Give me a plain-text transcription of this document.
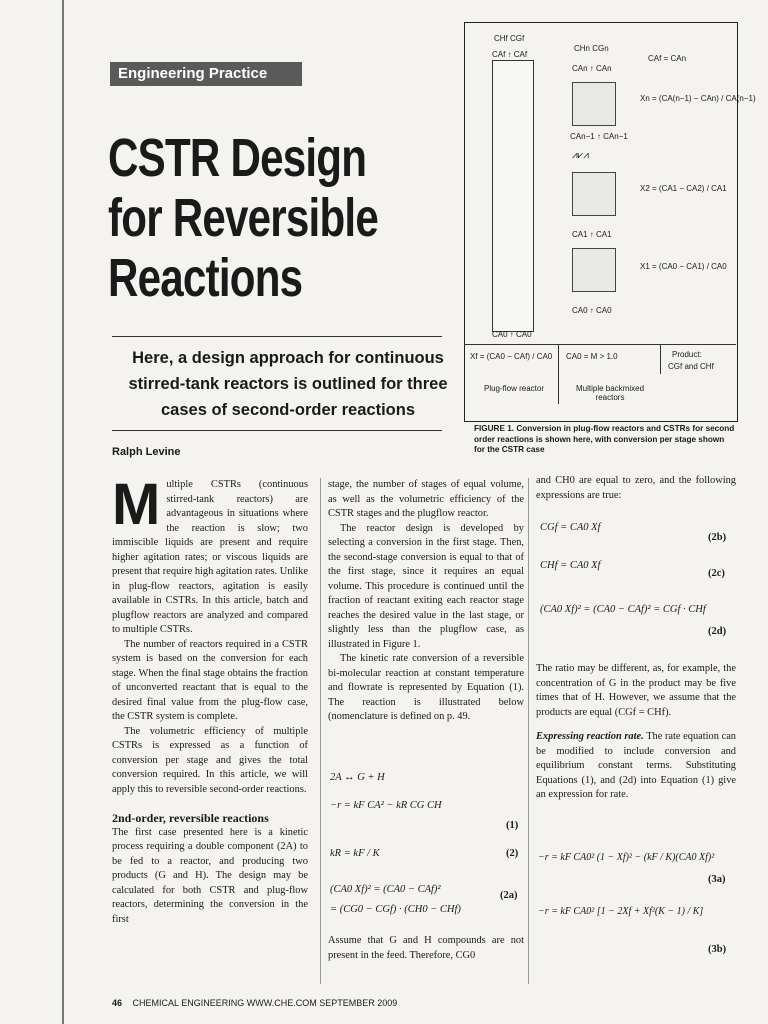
Engineering Practice
CSTR Design
for Reversible
Reactions
Here, a design approach for continuous stirred-tank reactors is outlined for three cases of second-order reactions
Ralph Levine
CHf CGf
CAf ↑ CAf
CHn CGn
CAn ↑ CAn
CAf = CAn
Xn = (CA(n−1) − CAn) / CA(n−1)
CAn−1 ↑ CAn−1
⩘⩗⩘
X2 = (CA1 − CA2) / CA1
CA1 ↑ CA1
X1 = (CA0 − CA1) / CA0
CA0 ↑ CA0
CA0 ↑ CA0
Xf = (CA0 − CAf) / CA0 CA0 = M > 1.0	Product:
CGf and CHf
Plug-flow reactor	Multiple backmixed reactors
FIGURE 1. Conversion in plug-flow reactors and CSTRs for second order reactions is shown here, with conversion per stage shown for the CSTR case
M ultiple CSTRs (continuous stirred-tank reactors) are advantageous in situations where the reaction is slow; two immiscible liquids are present and require higher agitation rates; or viscous liquids are present that require high agitation rates. Unlike in plug-flow reactors, agitation is easily available in CSTRs. In this article, batch and plugflow reactors are analyzed and compared to multiple CSTRs.

The number of reactors required in a CSTR system is based on the conversion for each stage. When the final stage obtains the fraction of unconverted reactant that is equal to the desired final value from the plug-flow case, the CSTR system is complete.

The volumetric efficiency of multiple CSTRs is expressed as a function of conversion per stage and gives the total conversion required. In this article, we will apply this to reversible second-order reactions.

2nd-order, reversible reactions

The first case presented here is a kinetic process requiring a double component (2A) to be fed to a reactor, and producing two products (G and H). The design may be calculated for both CSTR and plug-flow reactors, determining the conversion in the first

stage, the number of stages of equal volume, as well as the volumetric efficiency of the CSTR stages and the plugflow reactor.

The reactor design is developed by selecting a conversion in the first stage. Then, the second-stage conversion is equal to that of the first stage, since it requires an equal volume. This procedure is continued until the fraction of reactant exiting each reactor stage reaches the desired value in the last stage, or slightly less than the plugflow case, as illustrated in Figure 1.

The kinetic rate conversion of a reversible bi-molecular reaction at constant temperature and flowrate is represented by Equation (1). The reaction is illustrated below (nomenclature is defined on p. 49.

2A ↔ G + H
−r = kF CA² − kR CG CH
(1)
kR = kF / K	(2)
(CA0 Xf)² = (CA0 − CAf)²
(2a)
= (CG0 − CGf) · (CH0 − CHf)

Assume that G and H compounds are not present in the feed. Therefore, CG0

and CH0 are equal to zero, and the following expressions are true:

CGf = CA0 Xf
(2b)
CHf = CA0 Xf
(2c)
(CA0 Xf)² = (CA0 − CAf)² = CGf · CHf
(2d)

The ratio may be different, as, for example, the concentration of G in the product may be five times that of H. However, we assume that the products are equal (CGf = CHf).

Expressing reaction rate. The rate equation can be modified to include conversion and equilibrium constant terms. Substituting Equations (1), and (2d) into Equation (1) give an expression for rate.

−r = kF CA0² (1 − Xf)² − (kF / K)(CA0 Xf)²
(3a)
−r = kF CA0² [1 − 2Xf + Xf²(K − 1) / K]
(3b)
46 CHEMICAL ENGINEERING WWW.CHE.COM SEPTEMBER 2009
